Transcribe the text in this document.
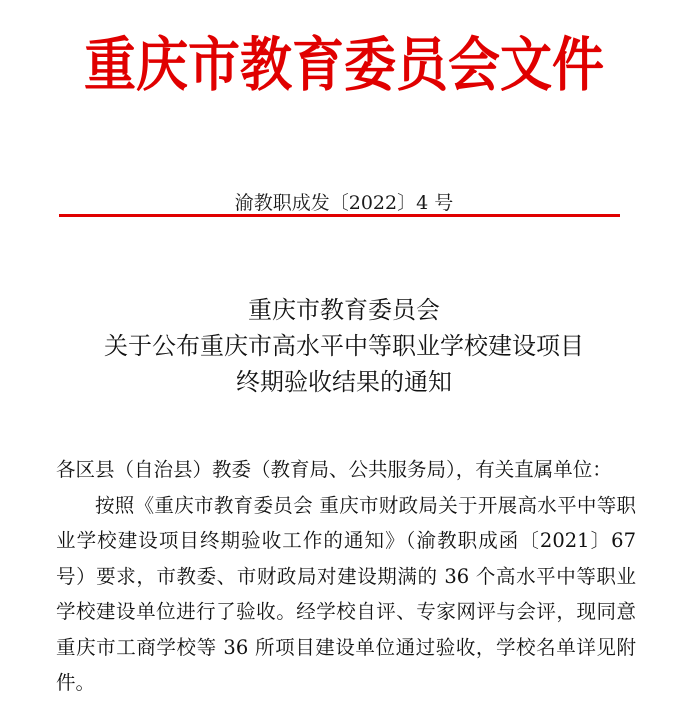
重庆市教育委员会文件
渝教职成发〔2022〕4 号
重庆市教育委员会
关于公布重庆市高水平中等职业学校建设项目
终期验收结果的通知

各区县（自治县）教委（教育局、公共服务局），有关直属单位：

按照《重庆市教育委员会 重庆市财政局关于开展高水平中等职业学校建设项目终期验收工作的通知》（渝教职成函〔2021〕67 号）要求，市教委、市财政局对建设期满的 36 个高水平中等职业学校建设单位进行了验收。经学校自评、专家网评与会评，现同意重庆市工商学校等 36 所项目建设单位通过验收，学校名单详见附件。
